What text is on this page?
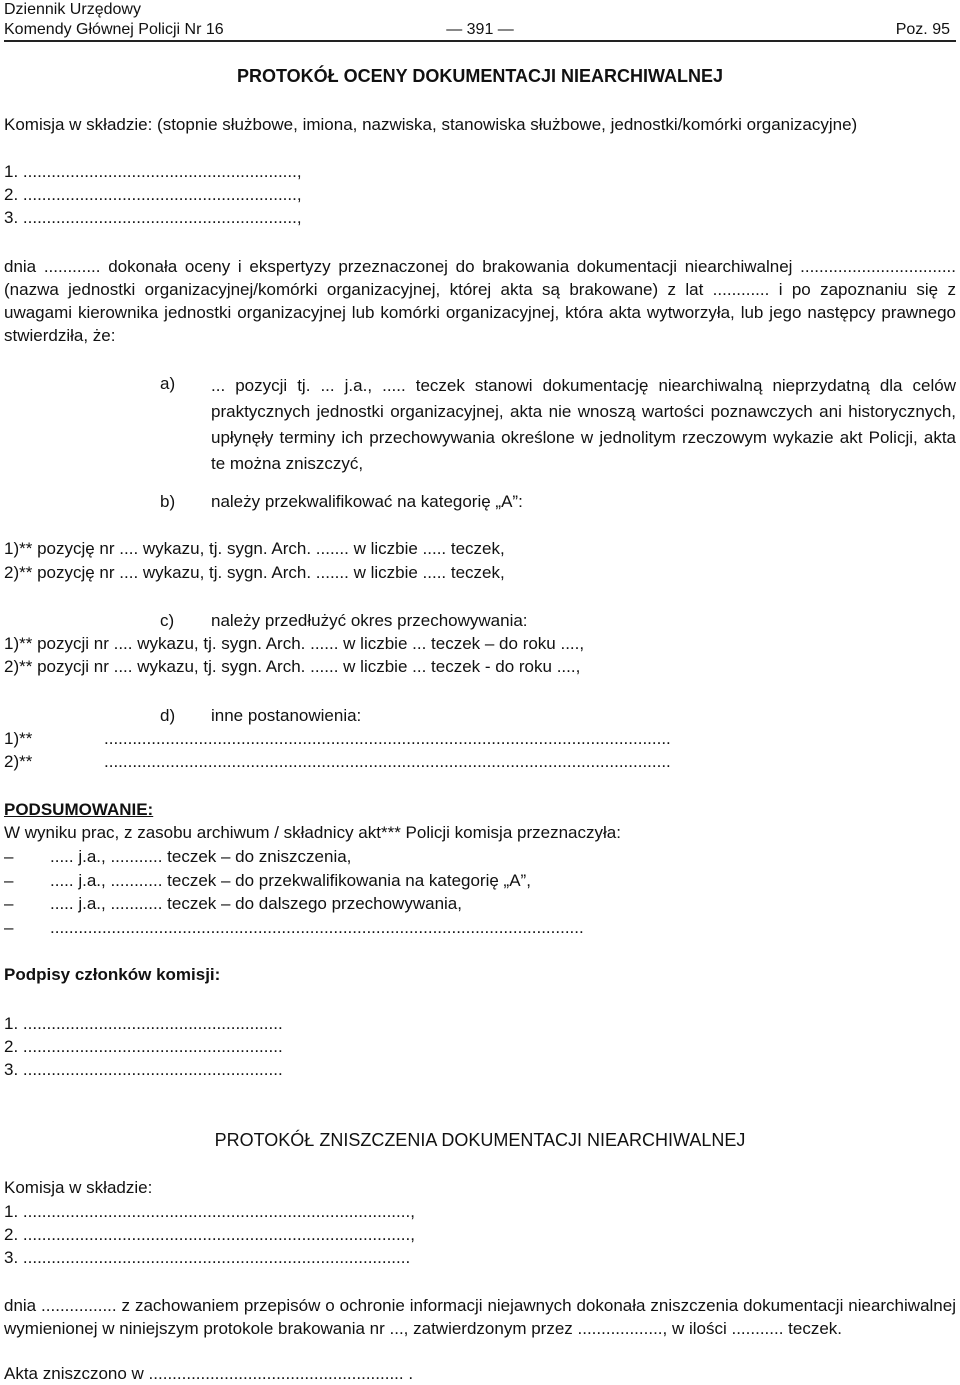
Dziennik Urzędowy
Komendy Głównej Policji Nr 16	— 391 —	Poz. 95
PROTOKÓŁ OCENY DOKUMENTACJI NIEARCHIWALNEJ
Komisja w składzie: (stopnie służbowe, imiona, nazwiska, stanowiska służbowe, jednostki/komórki organizacyjne)
1. ..........................................................,
2. ..........................................................,
3. ..........................................................,
dnia ............ dokonała oceny i ekspertyzy przeznaczonej do brakowania dokumentacji niearchiwalnej ................................. (nazwa jednostki organizacyjnej/komórki organizacyjnej, której akta są brakowane) z lat ............ i po zapoznaniu się z uwagami kierownika jednostki organizacyjnej lub komórki organizacyjnej, która akta wytworzyła, lub jego następcy prawnego stwierdziła, że:
a) ... pozycji tj. ... j.a., ..... teczek stanowi dokumentację niearchiwalną nieprzydatną dla celów praktycznych jednostki organizacyjnej, akta nie wnoszą wartości poznawczych ani historycznych, upłynęły terminy ich przechowywania określone w jednolitym rzeczowym wykazie akt Policji, akta te można zniszczyć,
b) należy przekwalifikować na kategorię „A”:
1)** pozycję nr .... wykazu, tj. sygn. Arch. ....... w liczbie ..... teczek,
2)** pozycję nr .... wykazu, tj. sygn. Arch. ....... w liczbie ..... teczek,
c) należy przedłużyć okres przechowywania:
1)** pozycji nr .... wykazu, tj. sygn. Arch. ...... w liczbie ... teczek – do roku ....,
2)** pozycji nr .... wykazu, tj. sygn. Arch. ...... w liczbie ... teczek - do roku ....,
d) inne postanowienia:
1)**	........................................................................................................................
2)**	........................................................................................................................
PODSUMOWANIE:
W wyniku prac, z zasobu archiwum / składnicy akt*** Policji komisja przeznaczyła:
– ..... j.a., ........... teczek – do zniszczenia,
– ..... j.a., ........... teczek – do przekwalifikowania na kategorię „A”,
– ..... j.a., ........... teczek – do dalszego przechowywania,
– .................................................................................................................
Podpisy członków komisji:
1. .......................................................
2. .......................................................
3. .......................................................
PROTOKÓŁ ZNISZCZENIA DOKUMENTACJI NIEARCHIWALNEJ
Komisja w składzie:
1. ..................................................................................,
2. ..................................................................................,
3. ..................................................................................
dnia ................ z zachowaniem przepisów o ochronie informacji niejawnych dokonała zniszczenia dokumentacji niearchiwalnej wymienionej w niniejszym protokole brakowania nr ..., zatwierdzonym przez .................., w ilości ........... teczek.
Akta zniszczono w ...................................................... .
